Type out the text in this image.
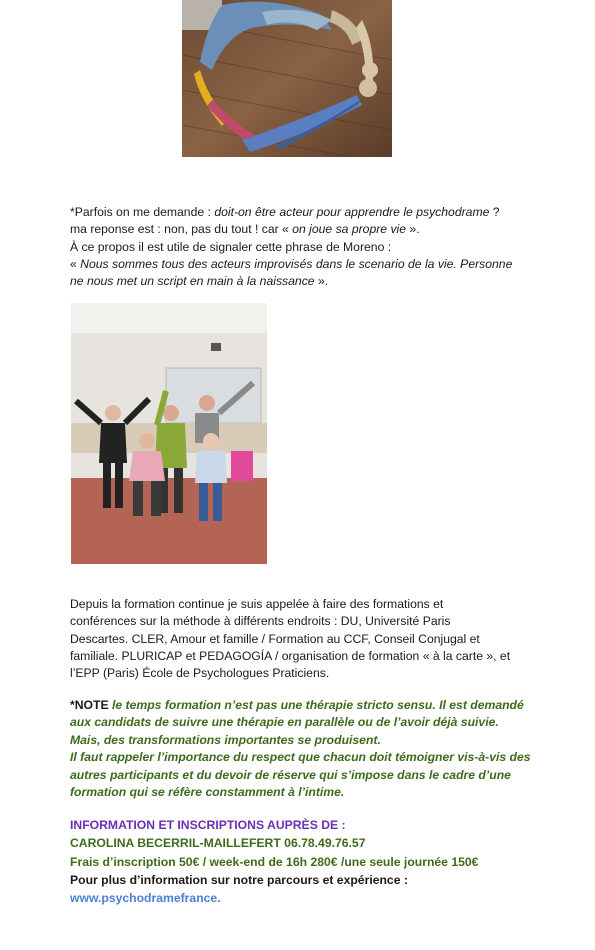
*Parfois on me demande : doit-on être acteur pour apprendre le psychodrame ?
ma reponse est : non, pas du tout ! car « on joue sa propre vie ».
À ce propos il est utile de signaler cette phrase de Moreno :
« Nous sommes tous des acteurs improvisés dans le scenario de la vie. Personne
ne nous met un script en main à la naissance ».
Depuis la formation continue je suis appelée à faire des formations et
conférences sur la méthode à différents endroits : DU, Université Paris
Descartes. CLER, Amour et famille / Formation au CCF, Conseil Conjugal et
familiale. PLURICAP et PEDAGOGÍA / organisation de formation « à la carte », et
l’EPP (Paris) École de Psychologues Praticiens.
*NOTE le temps formation n’est pas une thérapie stricto sensu. Il est demandé
aux candidats de suivre une thérapie en parallèle ou de l’avoir déjà suivie.
Mais, des transformations importantes se produisent.
Il faut rappeler l’importance du respect que chacun doit témoigner vis-à-vis des
autres participants et du devoir de réserve qui s’impose dans le cadre d’une
formation qui se réfère constamment à l’intime.
INFORMATION ET INSCRIPTIONS AUPRÈS DE :
CAROLINA BECERRIL-MAILLEFERT 06.78.49.76.57
Frais d’inscription 50€ / week-end de 16h 280€ /une seule journée 150€
Pour plus d’information sur notre parcours et expérience :
www.psychodramefrance.
